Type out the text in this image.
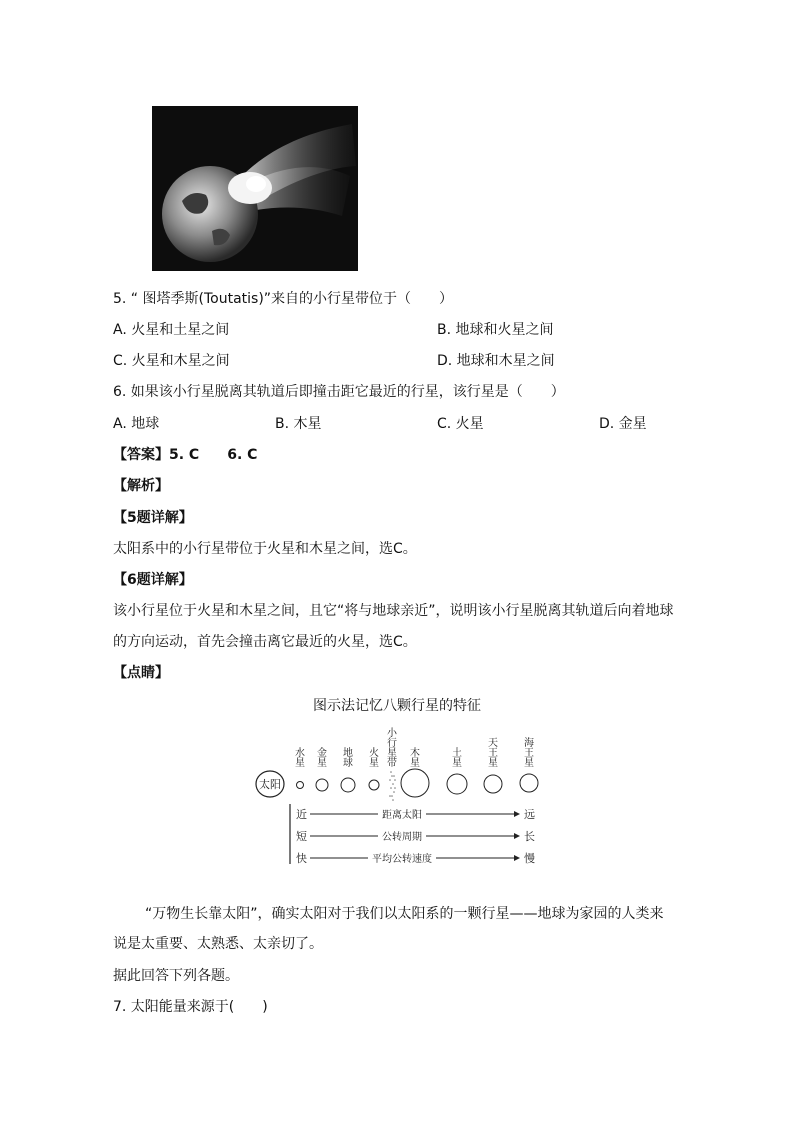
5. “ 图塔季斯(Toutatis)”来自的小行星带位于（　　）
A. 火星和土星之间	B. 地球和火星之间
C. 火星和木星之间	D. 地球和木星之间
6. 如果该小行星脱离其轨道后即撞击距它最近的行星，该行星是（　　）
A. 地球	B. 木星	C. 火星	D. 金星
【答案】5. C　　6. C
【解析】
【5题详解】
太阳系中的小行星带位于火星和木星之间，选C。
【6题详解】
该小行星位于火星和木星之间，且它“将与地球亲近”，说明该小行星脱离其轨道后向着地球
的方向运动，首先会撞击离它最近的火星，选C。
【点睛】
图示法记忆八颗行星的特征
太阳
水
星
金
星
地
球
火
星
小
行
星
带
木
星
土
星
天
王
星
海
王
星
近	距离太阳	远
短	公转周期	长
快	平均公转速度	慢
“万物生长靠太阳”，确实太阳对于我们以太阳系的一颗行星——地球为家园的人类来
说是太重要、太熟悉、太亲切了。
据此回答下列各题。
7. 太阳能量来源于(　　)
